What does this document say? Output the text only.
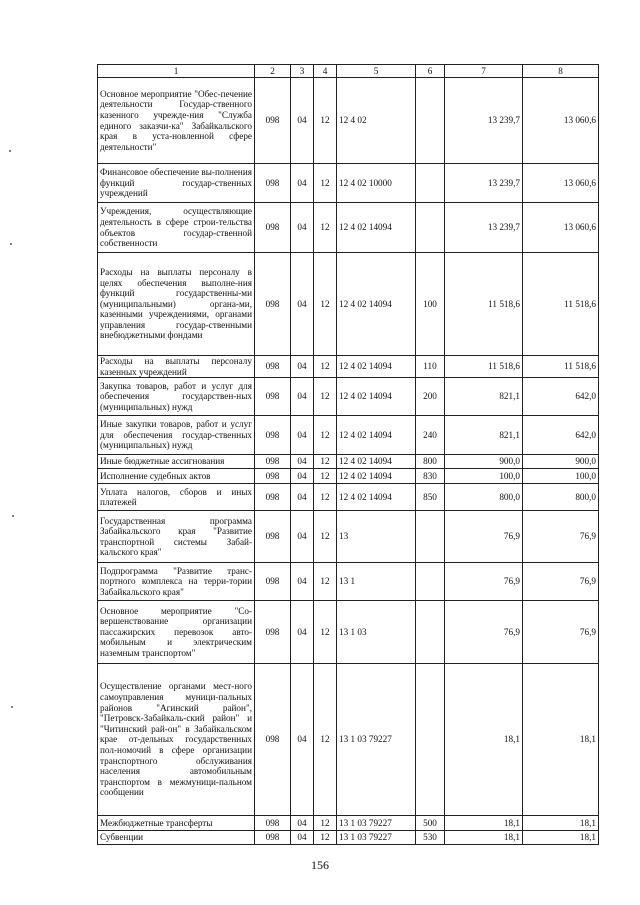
1	2	3	4	5	6	7	8
Основное мероприятие "Обес-печение деятельности Государ-ственного казенного учрежде-ния "Служба единого заказчи-ка" Забайкальского края в уста-новленной сфере деятельности"	098	04	12	12 4 02		13 239,7	13 060,6
Финансовое обеспечение вы-полнения функций государ-ственных учреждений	098	04	12	12 4 02 10000		13 239,7	13 060,6
Учреждения, осуществляющие деятельность в сфере строи-тельства объектов государ-ственной собственности	098	04	12	12 4 02 14094		13 239,7	13 060,6
Расходы на выплаты персоналу в целях обеспечения выполне-ния функций государственны-ми (муниципальными) органа-ми, казенными учреждениями, органами управления государ-ственными внебюджетными фондами	098	04	12	12 4 02 14094	100	11 518,6	11 518,6
Расходы на выплаты персоналу казенных учреждений	098	04	12	12 4 02 14094	110	11 518,6	11 518,6
Закупка товаров, работ и услуг для обеспечения государствен-ных (муниципальных) нужд	098	04	12	12 4 02 14094	200	821,1	642,0
Иные закупки товаров, работ и услуг для обеспечения государ-ственных (муниципальных) нужд	098	04	12	12 4 02 14094	240	821,1	642,0
Иные бюджетные ассигнования	098	04	12	12 4 02 14094	800	900,0	900,0
Исполнение судебных актов	098	04	12	12 4 02 14094	830	100,0	100,0
Уплата налогов, сборов и иных платежей	098	04	12	12 4 02 14094	850	800,0	800,0
Государственная программа Забайкальского края "Развитие транспортной системы Забай-кальского края"	098	04	12	13		76,9	76,9
Подпрограмма "Развитие транс-портного комплекса на терри-тории Забайкальского края"	098	04	12	13 1		76,9	76,9
Основное мероприятие "Со-вершенствование организации пассажирских перевозок авто-мобильным и электрическим наземным транспортом"	098	04	12	13 1 03		76,9	76,9
Осуществление органами мест-ного самоуправления муници-пальных районов "Агинский район", "Петровск-Забайкаль-ский район" и "Читинский рай-он" в Забайкальском крае от-дельных государственных пол-номочий в сфере организации транспортного обслуживания населения автомобильным транспортом в межмуници-пальном сообщении	098	04	12	13 1 03 79227		18,1	18,1
Межбюджетные трансферты	098	04	12	13 1 03 79227	500	18,1	18,1
Субвенции	098	04	12	13 1 03 79227	530	18,1	18,1
156
